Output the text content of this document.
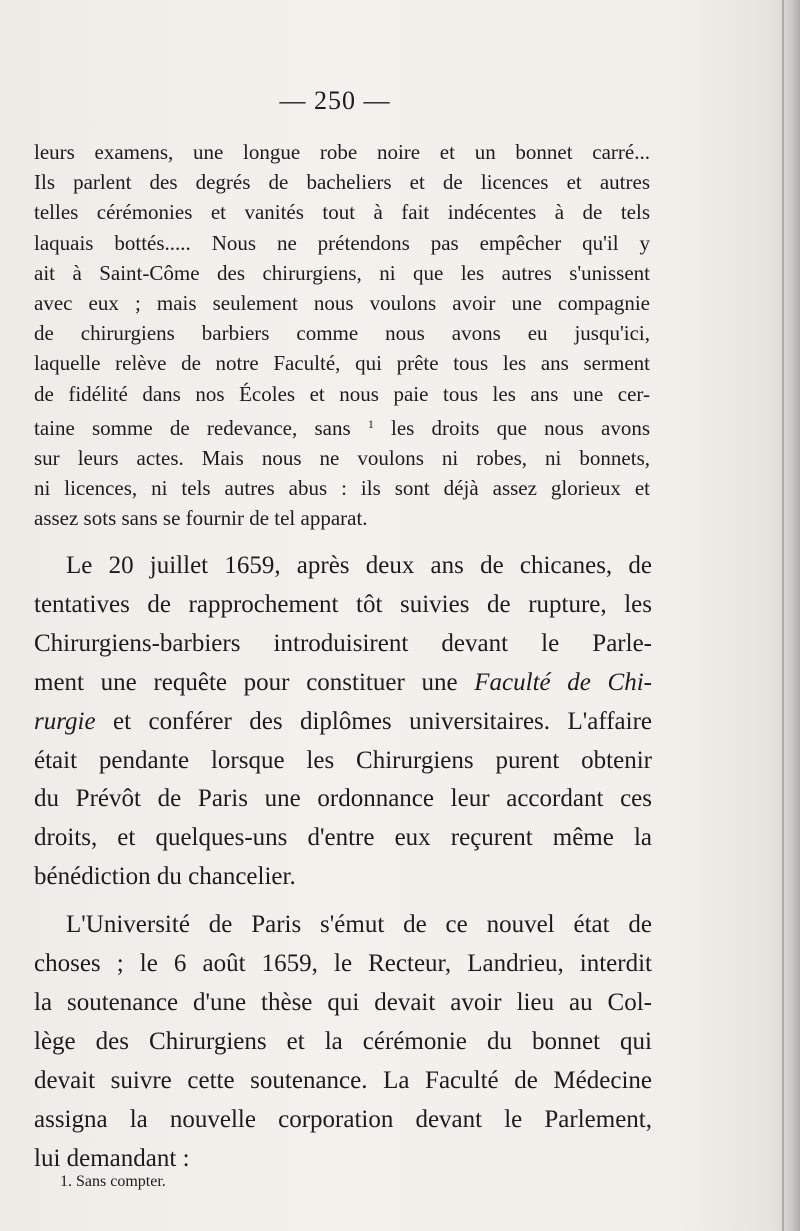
— 250 —
leurs examens, une longue robe noire et un bonnet carré...
Ils parlent des degrés de bacheliers et de licences et autres
telles cérémonies et vanités tout à fait indécentes à de tels
laquais bottés..... Nous ne prétendons pas empêcher qu'il y
ait à Saint-Côme des chirurgiens, ni que les autres s'unissent
avec eux ; mais seulement nous voulons avoir une compagnie
de chirurgiens barbiers comme nous avons eu jusqu'ici,
laquelle relève de notre Faculté, qui prête tous les ans serment
de fidélité dans nos Écoles et nous paie tous les ans une cer-
taine somme de redevance, sans $^1$ les droits que nous avons
sur leurs actes. Mais nous ne voulons ni robes, ni bonnets,
ni licences, ni tels autres abus : ils sont déjà assez glorieux et
assez sots sans se fournir de tel apparat.
Le 20 juillet 1659, après deux ans de chicanes, de
tentatives de rapprochement tôt suivies de rupture, les
Chirurgiens-barbiers introduisirent devant le Parle-
ment une requête pour constituer une Faculté de Chi-
rurgie et conférer des diplômes universitaires. L'affaire
était pendante lorsque les Chirurgiens purent obtenir
du Prévôt de Paris une ordonnance leur accordant ces
droits, et quelques-uns d'entre eux reçurent même la
bénédiction du chancelier.
L'Université de Paris s'émut de ce nouvel état de
choses ; le 6 août 1659, le Recteur, Landrieu, interdit
la soutenance d'une thèse qui devait avoir lieu au Col-
lège des Chirurgiens et la cérémonie du bonnet qui
devait suivre cette soutenance. La Faculté de Médecine
assigna la nouvelle corporation devant le Parlement,
lui demandant :
1. Sans compter.
